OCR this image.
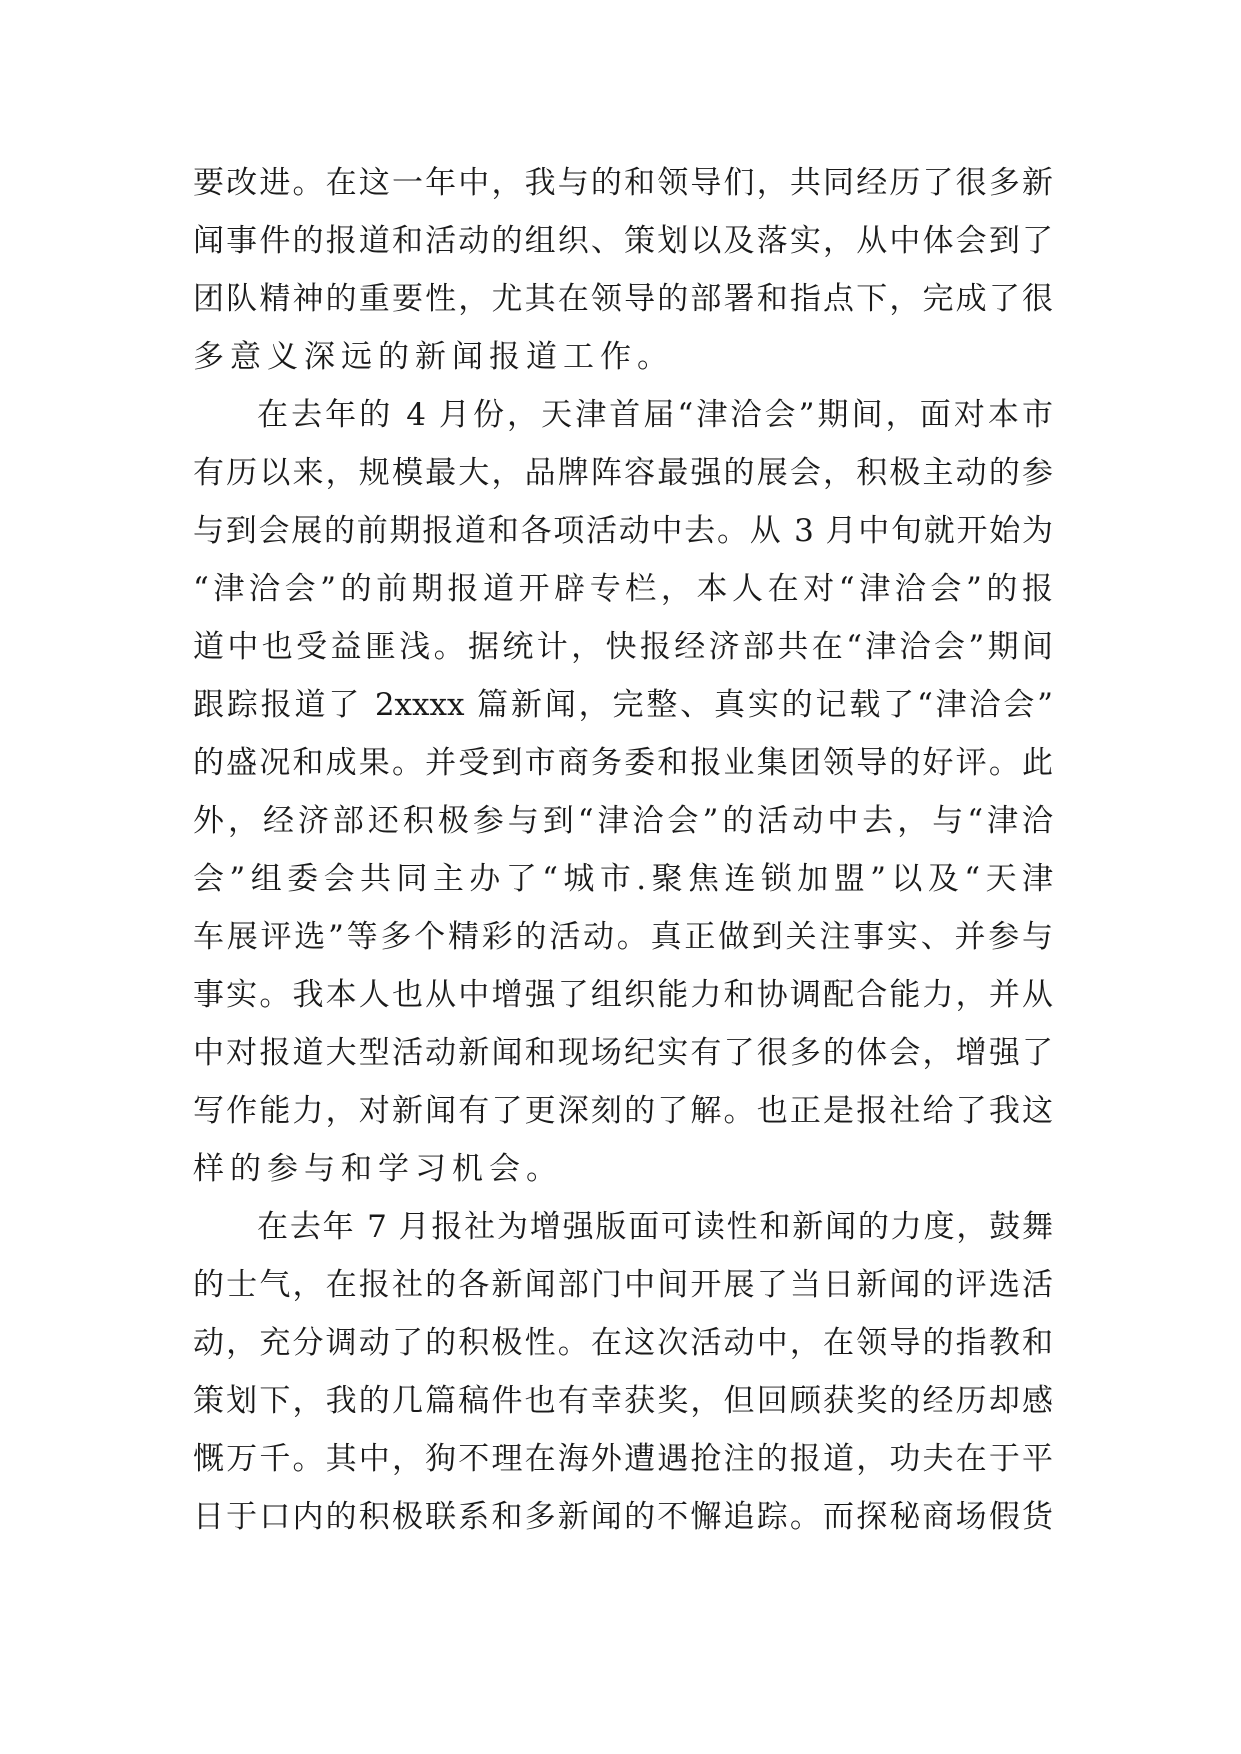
要改进。在这一年中，我与的和领导们，共同经历了很多新
闻事件的报道和活动的组织、策划以及落实，从中体会到了
团队精神的重要性，尤其在领导的部署和指点下，完成了很
多意义深远的新闻报道工作。
在去年的 4 月份，天津首届“津洽会”期间，面对本市
有历以来，规模最大，品牌阵容最强的展会，积极主动的参
与到会展的前期报道和各项活动中去。从 3 月中旬就开始为
“津洽会”的前期报道开辟专栏，本人在对“津洽会”的报
道中也受益匪浅。据统计，快报经济部共在“津洽会”期间
跟踪报道了 2xxxx 篇新闻，完整、真实的记载了“津洽会”
的盛况和成果。并受到市商务委和报业集团领导的好评。此
外，经济部还积极参与到“津洽会”的活动中去，与“津洽
会”组委会共同主办了“城市.聚焦连锁加盟”以及“天津
车展评选”等多个精彩的活动。真正做到关注事实、并参与
事实。我本人也从中增强了组织能力和协调配合能力，并从
中对报道大型活动新闻和现场纪实有了很多的体会，增强了
写作能力，对新闻有了更深刻的了解。也正是报社给了我这
样的参与和学习机会。
在去年 7 月报社为增强版面可读性和新闻的力度，鼓舞
的士气，在报社的各新闻部门中间开展了当日新闻的评选活
动，充分调动了的积极性。在这次活动中，在领导的指教和
策划下，我的几篇稿件也有幸获奖，但回顾获奖的经历却感
慨万千。其中，狗不理在海外遭遇抢注的报道，功夫在于平
日于口内的积极联系和多新闻的不懈追踪。而探秘商场假货
